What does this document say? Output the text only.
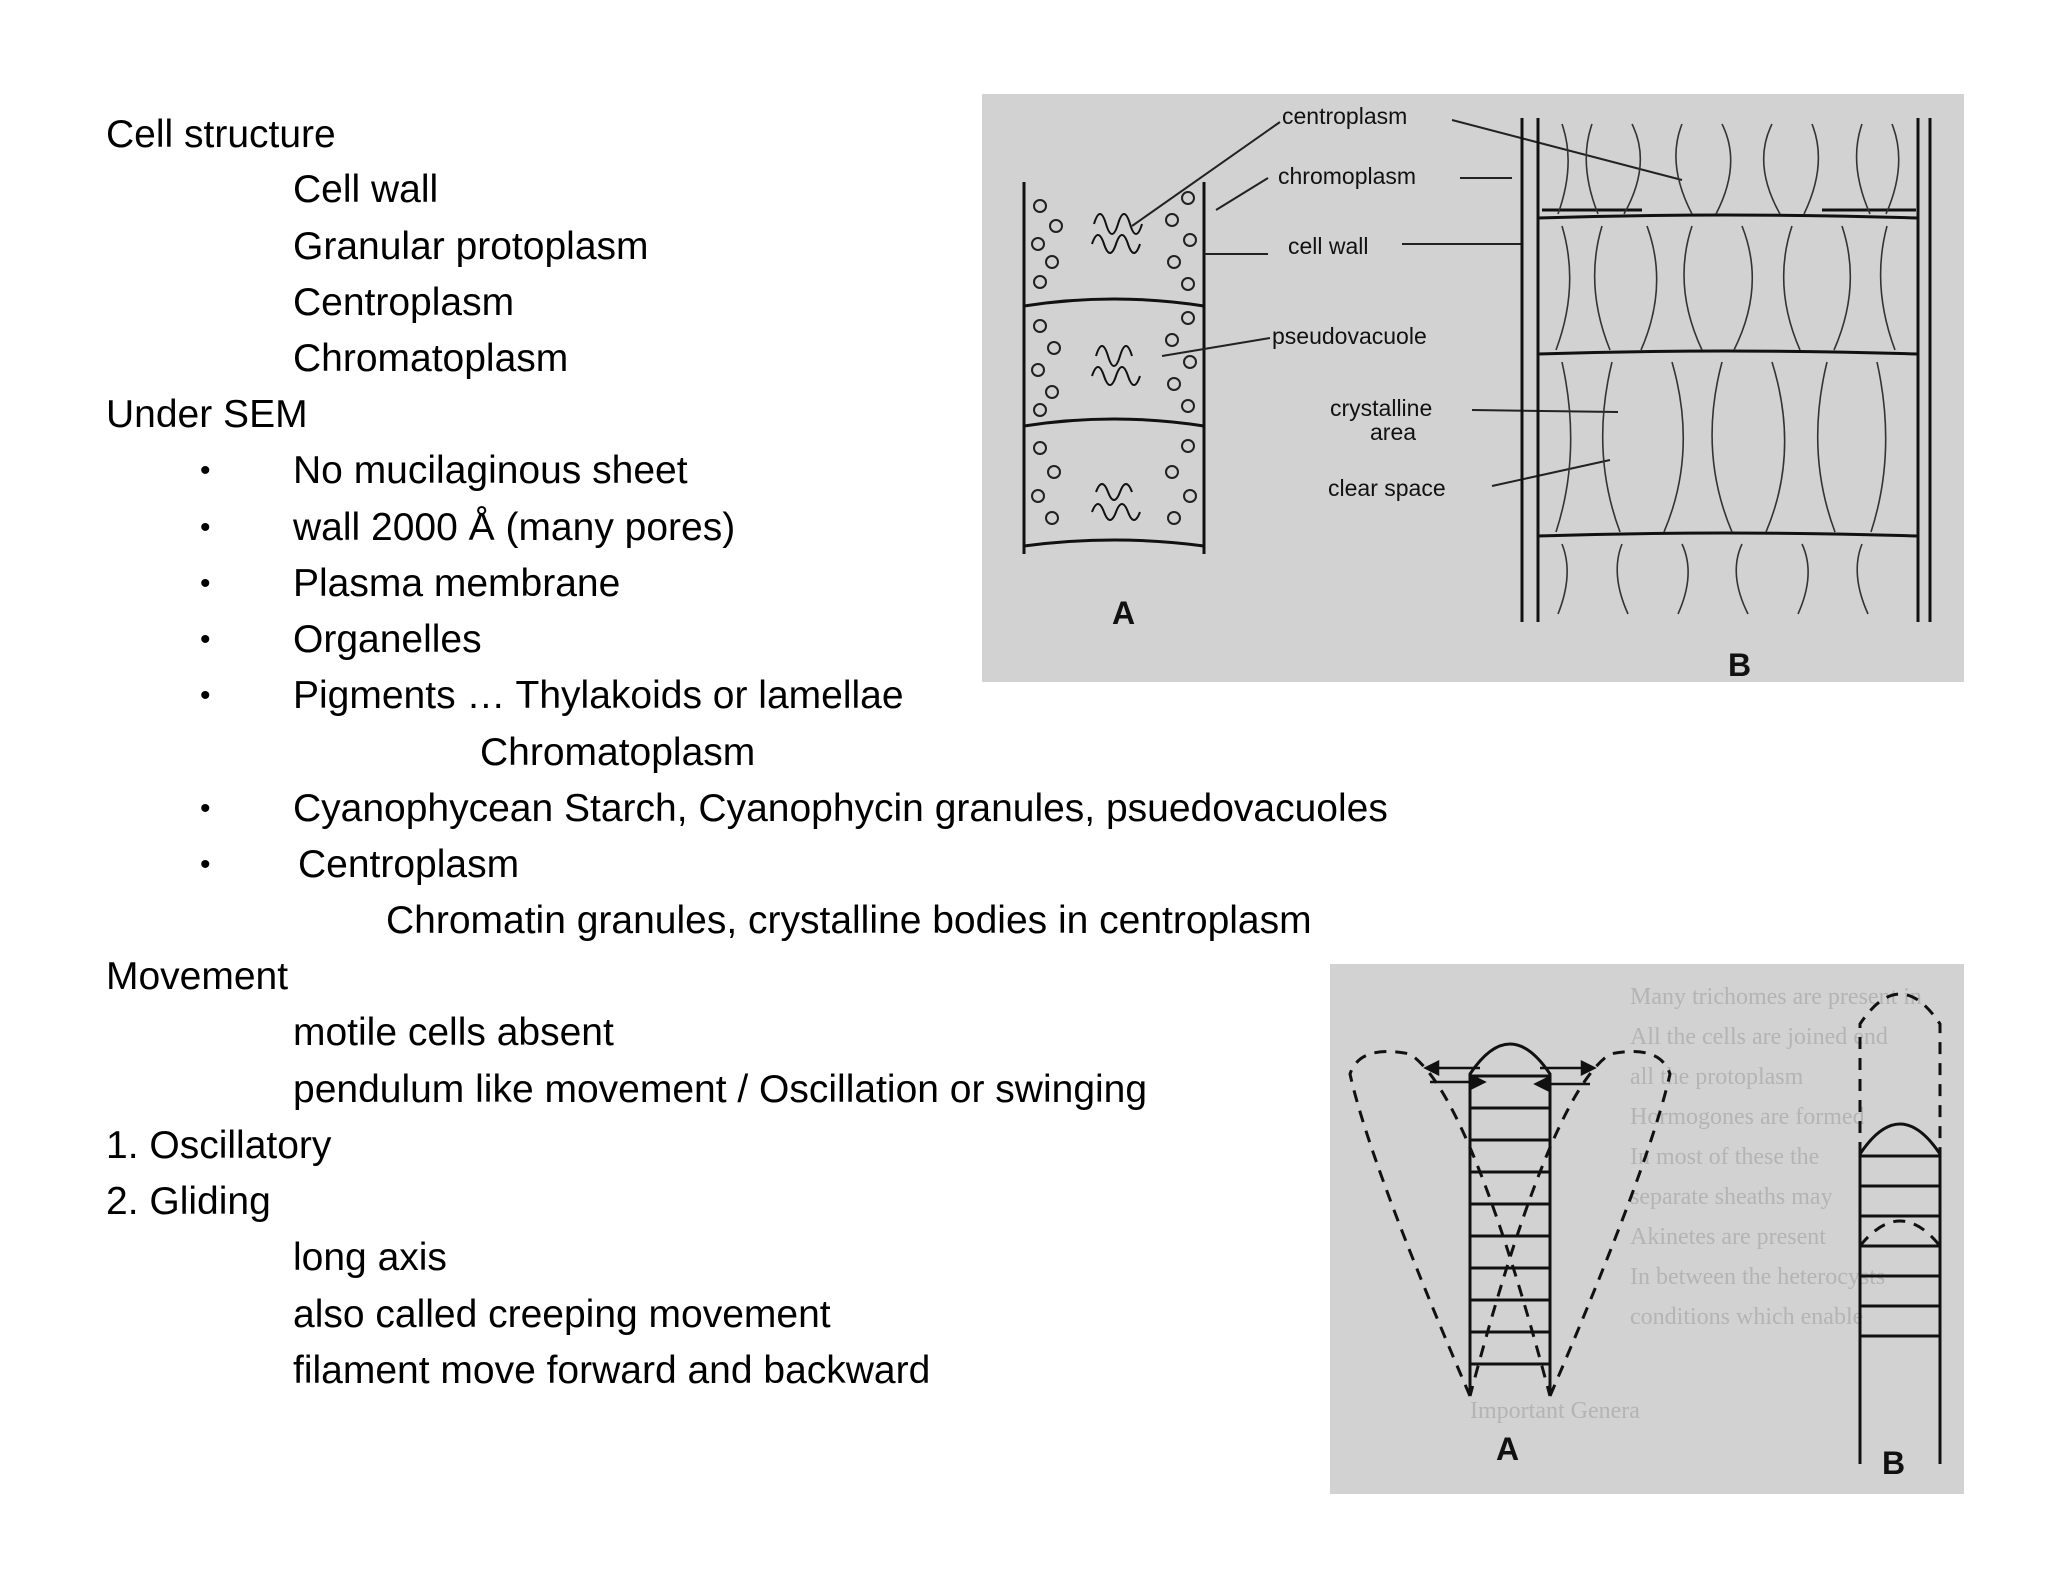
Cell structure
Cell wall
Granular protoplasm
Centroplasm
Chromatoplasm
Under SEM
• No mucilaginous sheet
• wall 2000 Å (many pores)
• Plasma membrane
• Organelles
• Pigments … Thylakoids or lamellae
Chromatoplasm
• Cyanophycean Starch, Cyanophycin granules, psuedovacuoles
• Centroplasm
Chromatin granules, crystalline bodies in centroplasm
Movement
motile cells absent
pendulum like movement / Oscillation or swinging
1. Oscillatory
2. Gliding
long axis
also called creeping movement
filament move forward and backward
A
centroplasm
chromoplasm
cell wall
pseudovacuole
crystalline
area
clear space
B
Many trichomes are present in
All the cells are joined end
all the protoplasm
Hormogones are formed
In most of these the
separate sheaths may
Akinetes are present
In between the heterocysts
conditions which enable
Important Genera
A	B
